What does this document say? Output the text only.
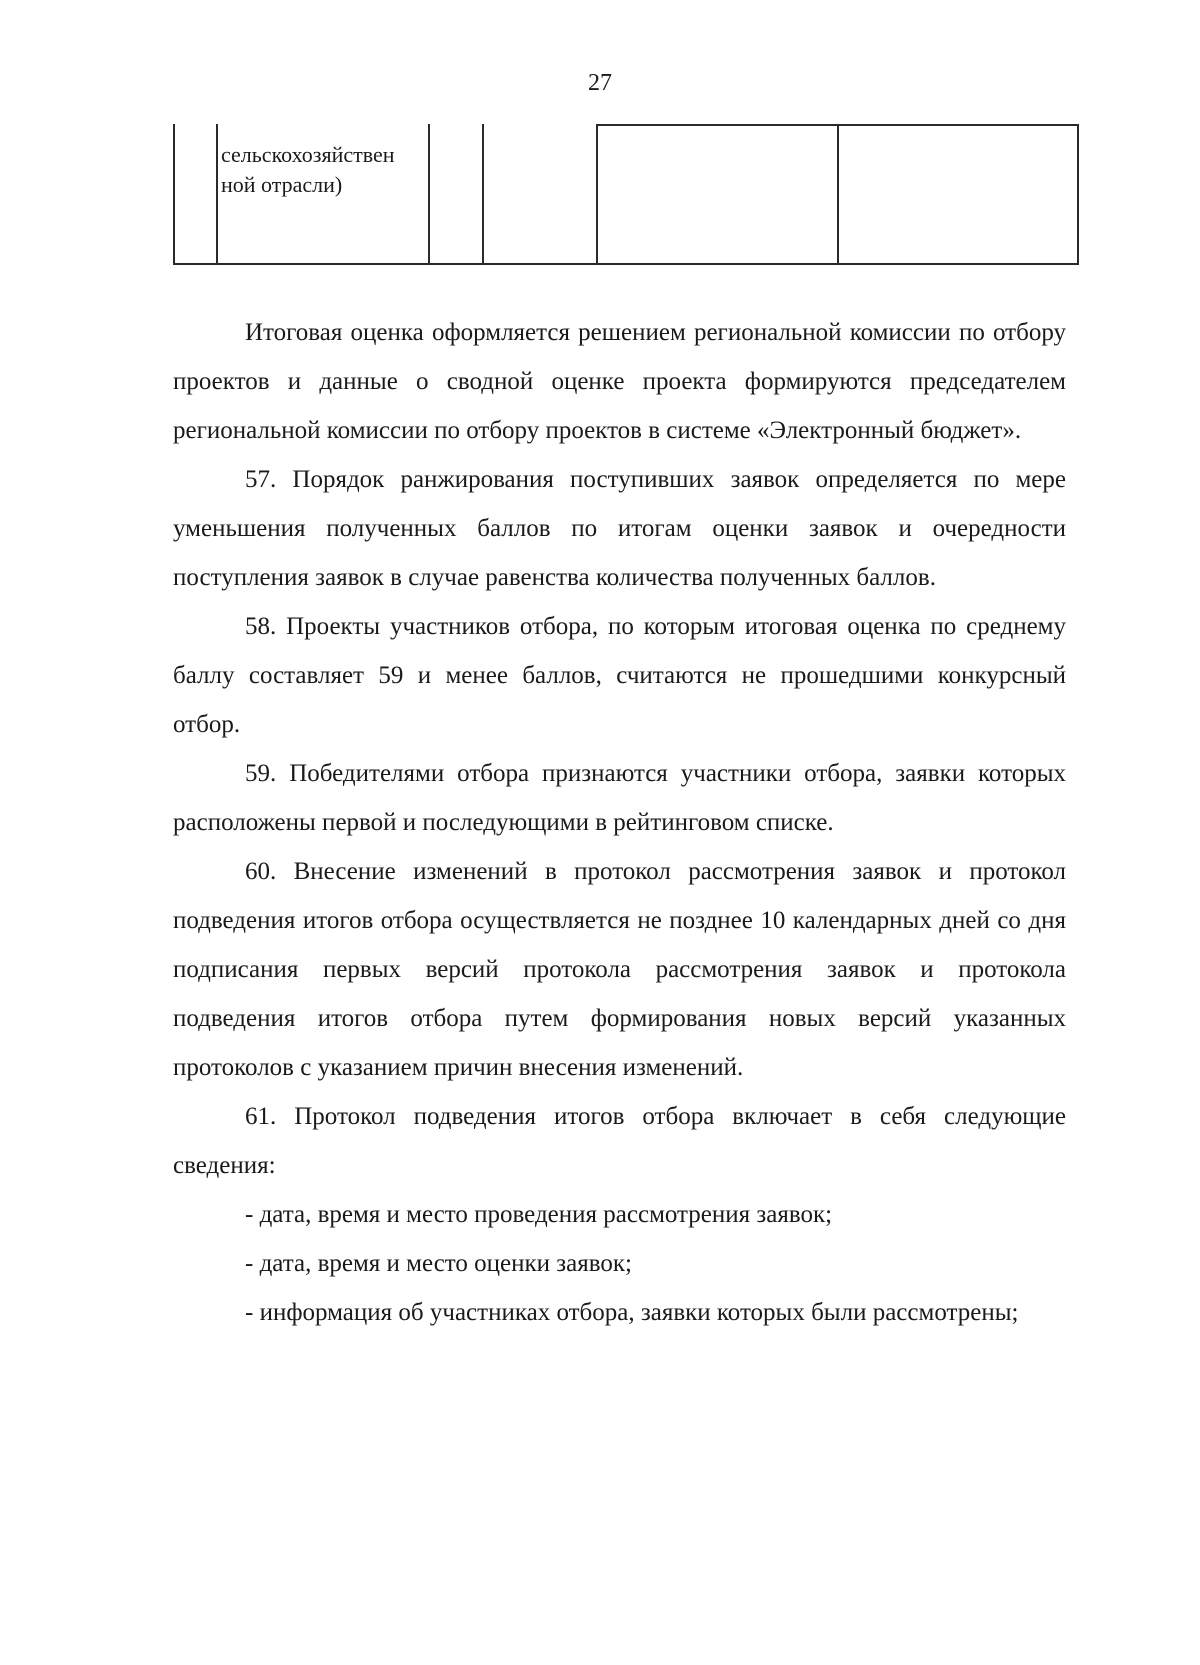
27
сельскохозяйствен
ной отрасли)

Итоговая оценка оформляется решением региональной комиссии по отбору проектов и данные о сводной оценке проекта формируются председателем региональной комиссии по отбору проектов в системе «Электронный бюджет».

57. Порядок ранжирования поступивших заявок определяется по мере уменьшения полученных баллов по итогам оценки заявок и очередности поступления заявок в случае равенства количества полученных баллов.

58. Проекты участников отбора, по которым итоговая оценка по среднему баллу составляет 59 и менее баллов, считаются не прошедшими конкурсный отбор.

59. Победителями отбора признаются участники отбора, заявки которых расположены первой и последующими в рейтинговом списке.

60. Внесение изменений в протокол рассмотрения заявок и протокол подведения итогов отбора осуществляется не позднее 10 календарных дней со дня подписания первых версий протокола рассмотрения заявок и протокола подведения итогов отбора путем формирования новых версий указанных протоколов с указанием причин внесения изменений.

61. Протокол подведения итогов отбора включает в себя следующие сведения:

- дата, время и место проведения рассмотрения заявок;

- дата, время и место оценки заявок;

- информация об участниках отбора, заявки которых были рассмотрены;
